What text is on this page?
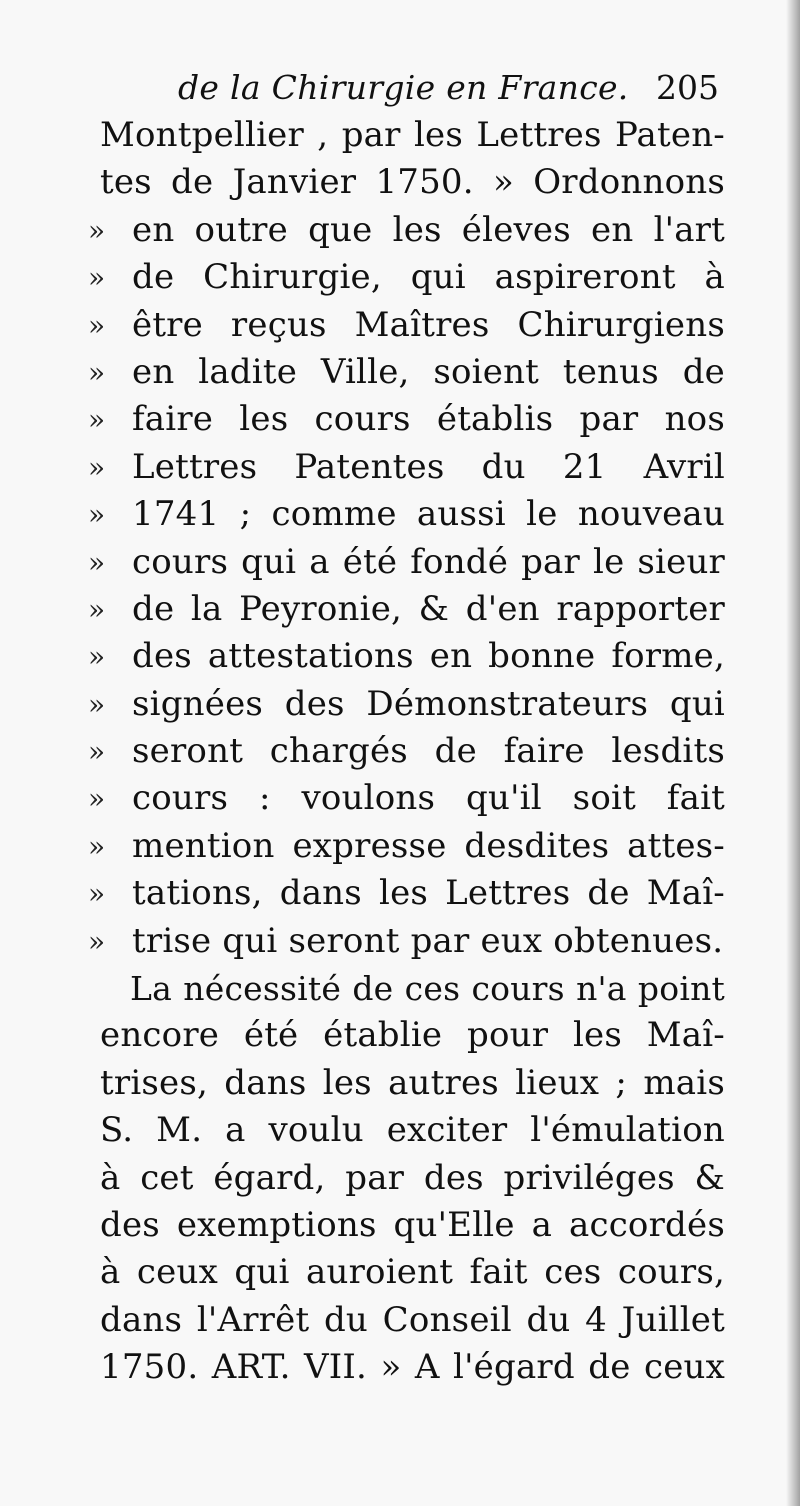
de la Chirurgie en France. 205
Montpellier , par les Lettres Paten-
tes de Janvier 1750. » Ordonnons
» en outre que les éleves en l'art
» de Chirurgie, qui aspireront à
» être reçus Maîtres Chirurgiens
» en ladite Ville, soient tenus de
» faire les cours établis par nos
» Lettres Patentes du 21 Avril
» 1741 ; comme aussi le nouveau
» cours qui a été fondé par le sieur
» de la Peyronie, & d'en rapporter
» des attestations en bonne forme,
» signées des Démonstrateurs qui
» seront chargés de faire lesdits
» cours : voulons qu'il soit fait
» mention expresse desdites attes-
» tations, dans les Lettres de Maî-
» trise qui seront par eux obtenues.
La nécessité de ces cours n'a point
encore été établie pour les Maî-
trises, dans les autres lieux ; mais
S. M. a voulu exciter l'émulation
à cet égard, par des priviléges &
des exemptions qu'Elle a accordés
à ceux qui auroient fait ces cours,
dans l'Arrêt du Conseil du 4 Juillet
1750. ART. VII. » A l'égard de ceux
